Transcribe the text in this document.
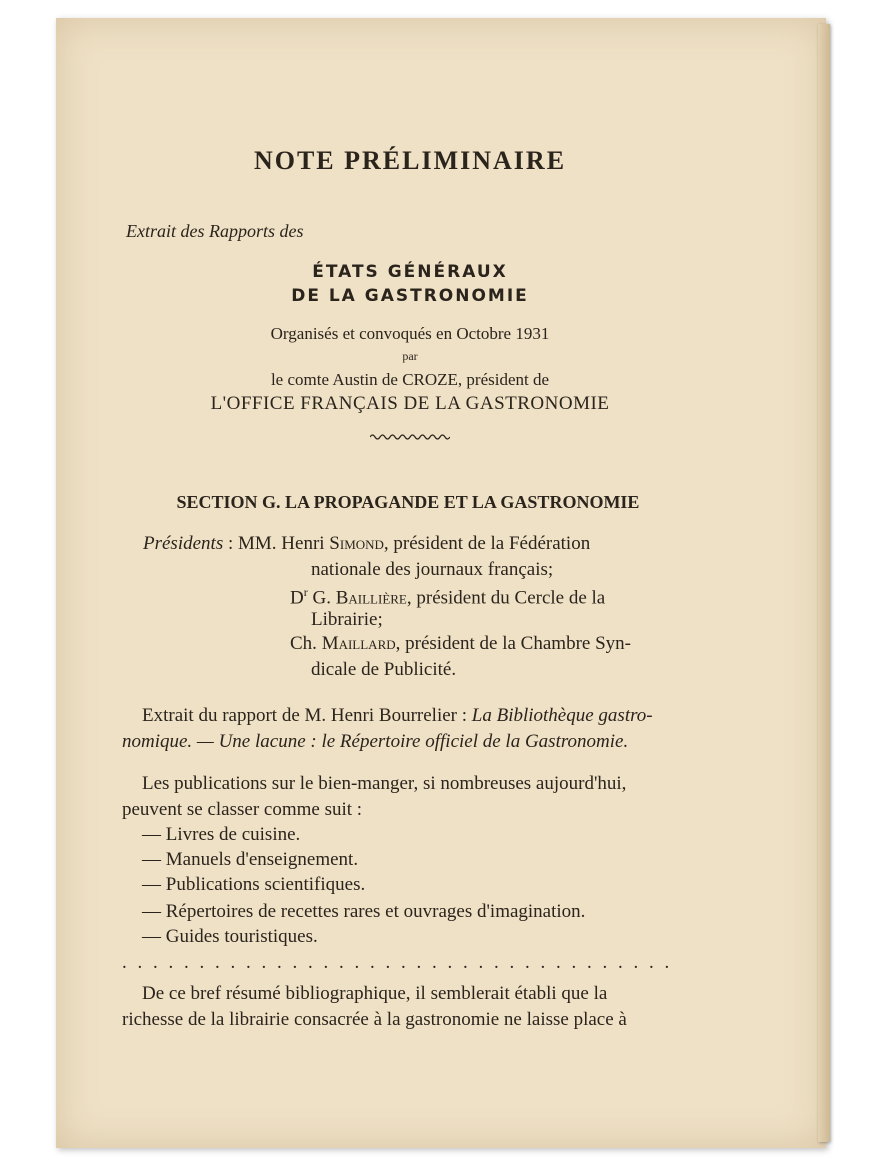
NOTE PRÉLIMINAIRE
Extrait des Rapports des
ÉTATS GÉNÉRAUX
DE LA GASTRONOMIE
Organisés et convoqués en Octobre 1931
par
le comte Austin de CROZE, président de
L'OFFICE FRANÇAIS DE LA GASTRONOMIE
SECTION G. LA PROPAGANDE ET LA GASTRONOMIE
Présidents : MM. Henri Simond, président de la Fédération
nationale des journaux français;
$D^r$ G. Baillière, président du Cercle de la
Librairie;
Ch. Maillard, président de la Chambre Syn-
dicale de Publicité.
Extrait du rapport de M. Henri Bourrelier : La Bibliothèque gastro-
nomique. — Une lacune : le Répertoire officiel de la Gastronomie.
Les publications sur le bien-manger, si nombreuses aujourd'hui,
peuvent se classer comme suit :
— Livres de cuisine.
— Manuels d'enseignement.
— Publications scientifiques.
— Répertoires de recettes rares et ouvrages d'imagination.
— Guides touristiques.
. . . . . . . . . . . . . . . . . . . . . . . . . . . . . . . . . . . .
De ce bref résumé bibliographique, il semblerait établi que la
richesse de la librairie consacrée à la gastronomie ne laisse place à
